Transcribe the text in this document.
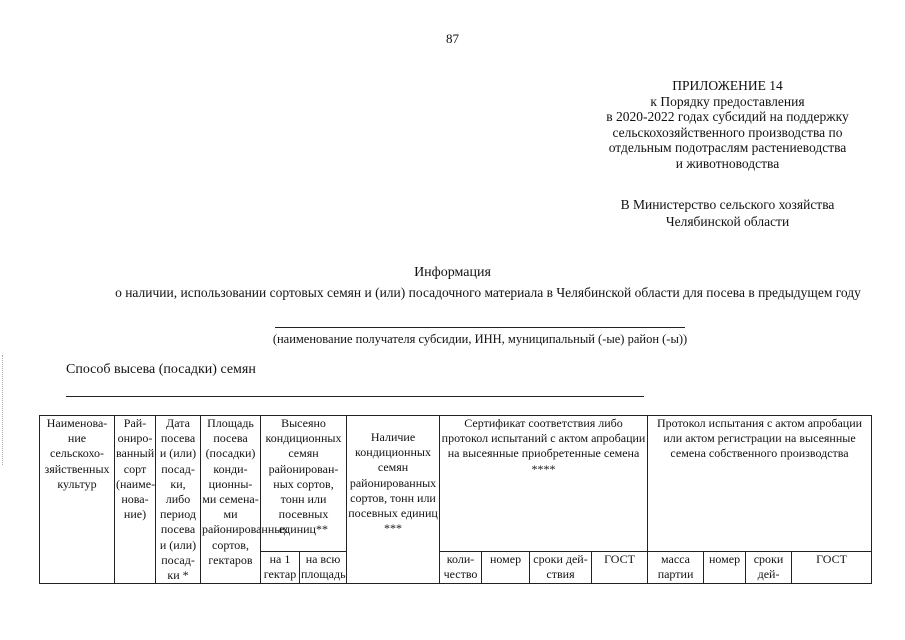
87
ПРИЛОЖЕНИЕ 14
к Порядку предоставления
в 2020-2022 годах субсидий на поддержку
сельскохозяйственного производства по
отдельным подотраслям растениеводства
и животноводства
В Министерство сельского хозяйства
Челябинской области
Информация
о наличии, использовании сортовых семян и (или) посадочного материала в Челябинской области для посева в предыдущем году
(наименование получателя субсидии, ИНН, муниципальный (-ые) район (-ы))
Способ высева (посадки) семян
Наименова-ние сельскохо-зяйственных культур	Рай-ониро-ванный сорт (наиме-нова-ние)	Дата посева и (или) посад-ки, либо период посева и (или) посад-ки *	Площадь посева (посадки) конди-ционны-ми семена-ми районированных сортов, гектаров	Высеяно кондиционных семян районирован-ных сортов, тонн или посевных единиц**		Наличие кондиционных семян районированных сортов, тонн или посевных единиц ***	Сертификат соответствия либо протокол испытаний с актом апробации на высеянные приобретенные семена ****				Протокол испытания с актом апробации или актом регистрации на высеянные семена собственного производства			
				на 1 гектар	на всю площадь		коли-чество	номер	сроки дей-ствия	ГОСТ	масса партии	номер	сроки дей-	ГОСТ
